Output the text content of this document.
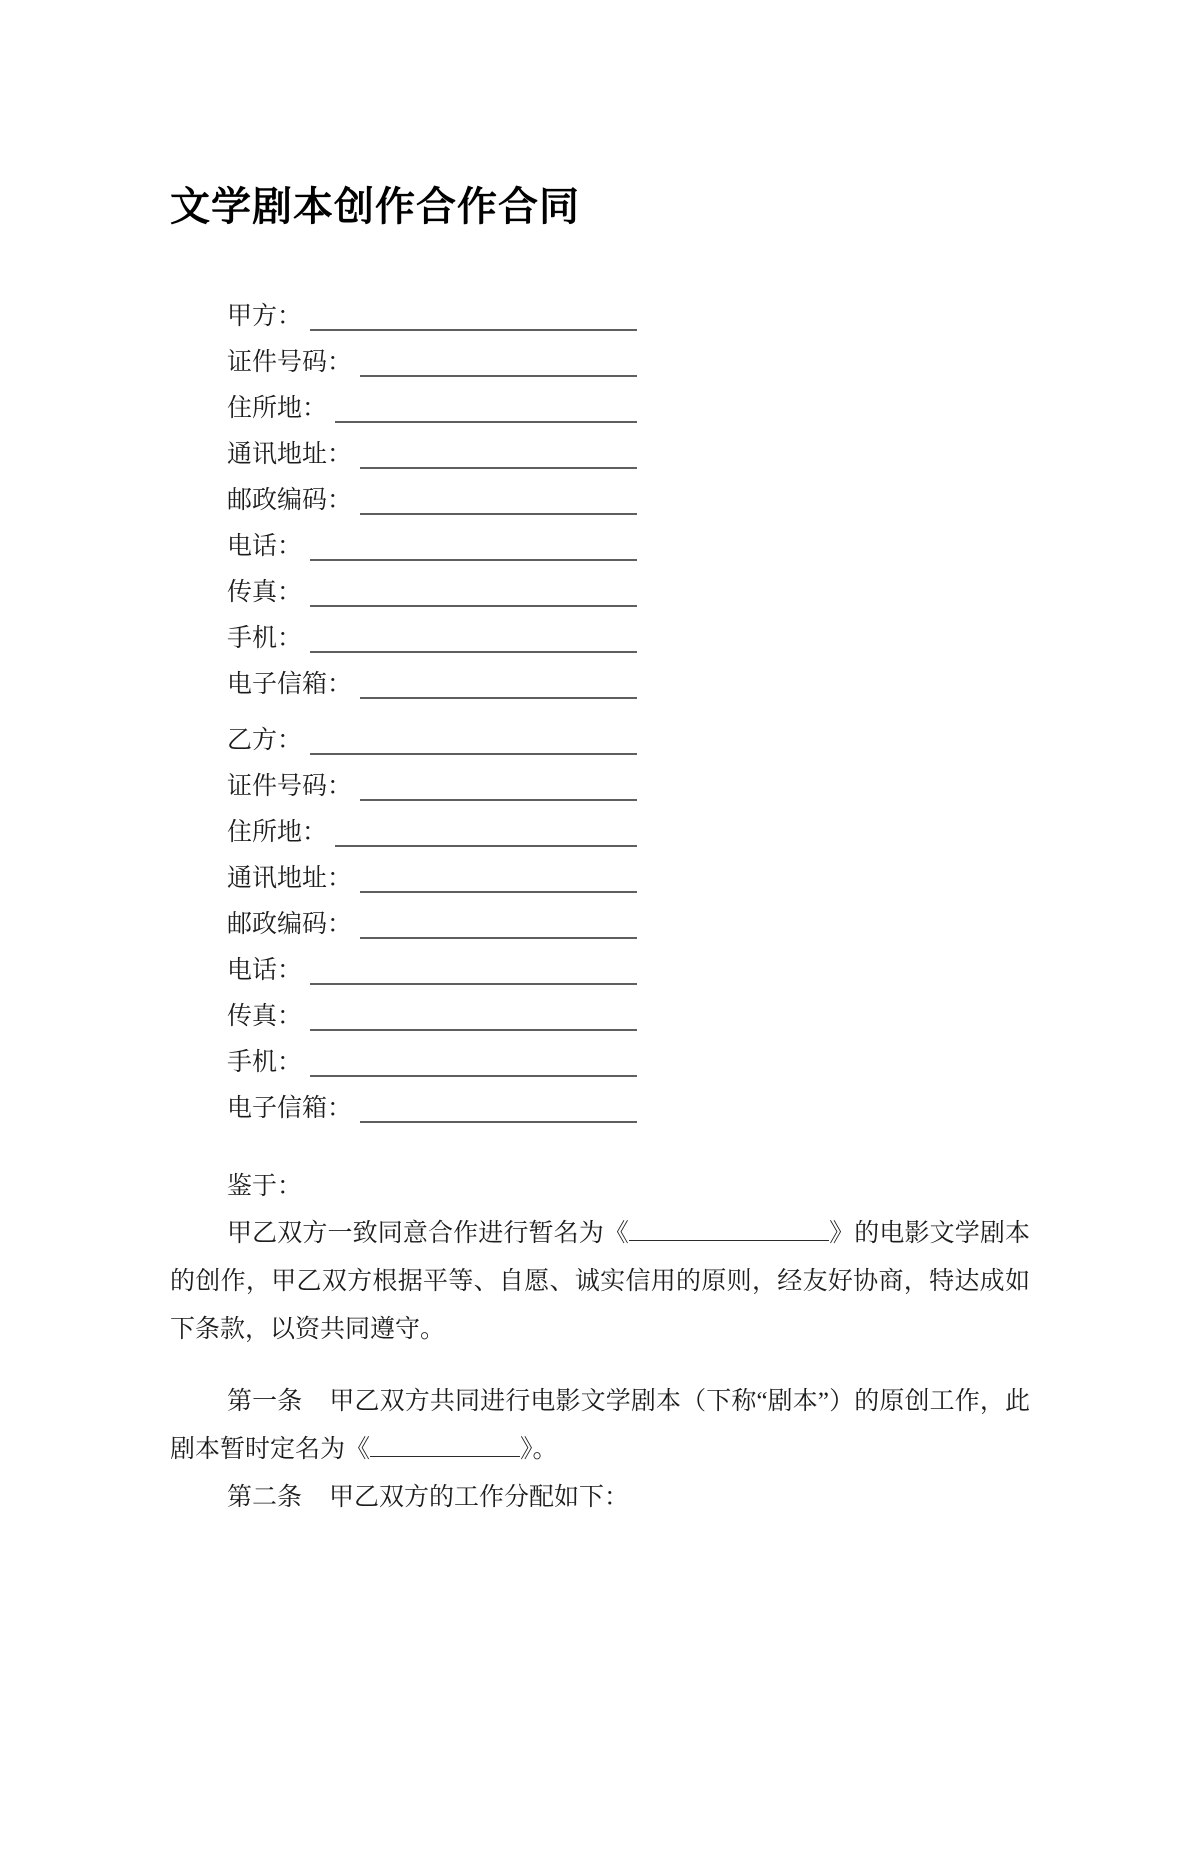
文学剧本创作合作合同
甲方：
证件号码：
住所地：
通讯地址：
邮政编码：
电话：
传真：
手机：
电子信箱：
乙方：
证件号码：
住所地：
通讯地址：
邮政编码：
电话：
传真：
手机：
电子信箱：

鉴于：

甲乙双方一致同意合作进行暂名为《	》的电影文学剧本的创作，甲乙双方根据平等、自愿、诚实信用的原则，经友好协商，特达成如下条款，以资共同遵守。

第一条 甲乙双方共同进行电影文学剧本（下称“剧本”）的原创工作，此剧本暂时定名为《	》。

第二条 甲乙双方的工作分配如下：
